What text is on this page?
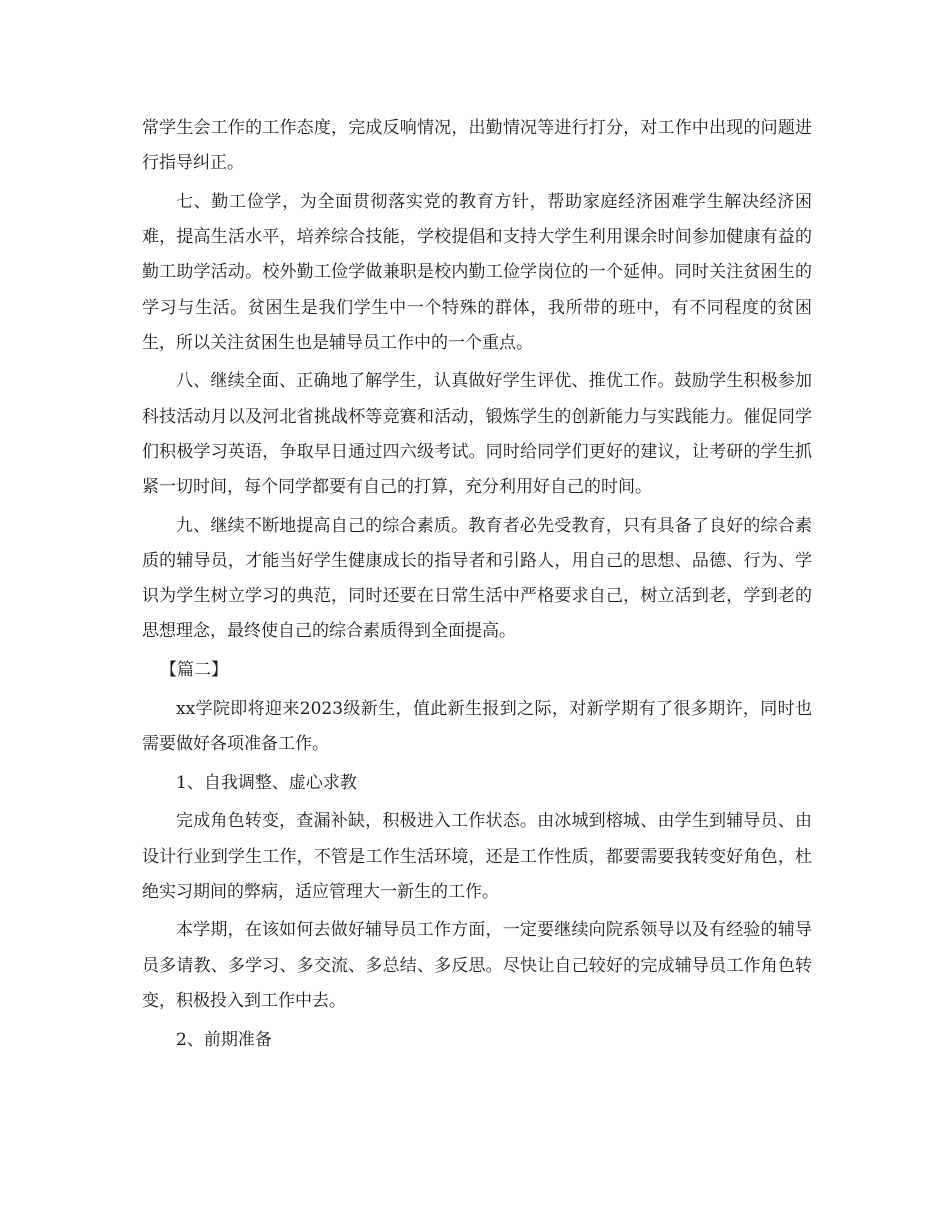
常学生会工作的工作态度，完成反响情况，出勤情况等进行打分，对工作中出现的问题进行指导纠正。

七、勤工俭学，为全面贯彻落实党的教育方针，帮助家庭经济困难学生解决经济困难，提高生活水平，培养综合技能，学校提倡和支持大学生利用课余时间参加健康有益的勤工助学活动。校外勤工俭学做兼职是校内勤工俭学岗位的一个延伸。同时关注贫困生的学习与生活。贫困生是我们学生中一个特殊的群体，我所带的班中，有不同程度的贫困生，所以关注贫困生也是辅导员工作中的一个重点。

八、继续全面、正确地了解学生，认真做好学生评优、推优工作。鼓励学生积极参加科技活动月以及河北省挑战杯等竞赛和活动，锻炼学生的创新能力与实践能力。催促同学们积极学习英语，争取早日通过四六级考试。同时给同学们更好的建议，让考研的学生抓紧一切时间，每个同学都要有自己的打算，充分利用好自己的时间。

九、继续不断地提高自己的综合素质。教育者必先受教育，只有具备了良好的综合素质的辅导员，才能当好学生健康成长的指导者和引路人，用自己的思想、品德、行为、学识为学生树立学习的典范，同时还要在日常生活中严格要求自己，树立活到老，学到老的思想理念，最终使自己的综合素质得到全面提高。

【篇二】

xx学院即将迎来2023级新生，值此新生报到之际，对新学期有了很多期许，同时也需要做好各项准备工作。

1、自我调整、虚心求教

完成角色转变，查漏补缺，积极进入工作状态。由冰城到榕城、由学生到辅导员、由设计行业到学生工作，不管是工作生活环境，还是工作性质，都要需要我转变好角色，杜绝实习期间的弊病，适应管理大一新生的工作。

本学期，在该如何去做好辅导员工作方面，一定要继续向院系领导以及有经验的辅导员多请教、多学习、多交流、多总结、多反思。尽快让自己较好的完成辅导员工作角色转变，积极投入到工作中去。

2、前期准备
